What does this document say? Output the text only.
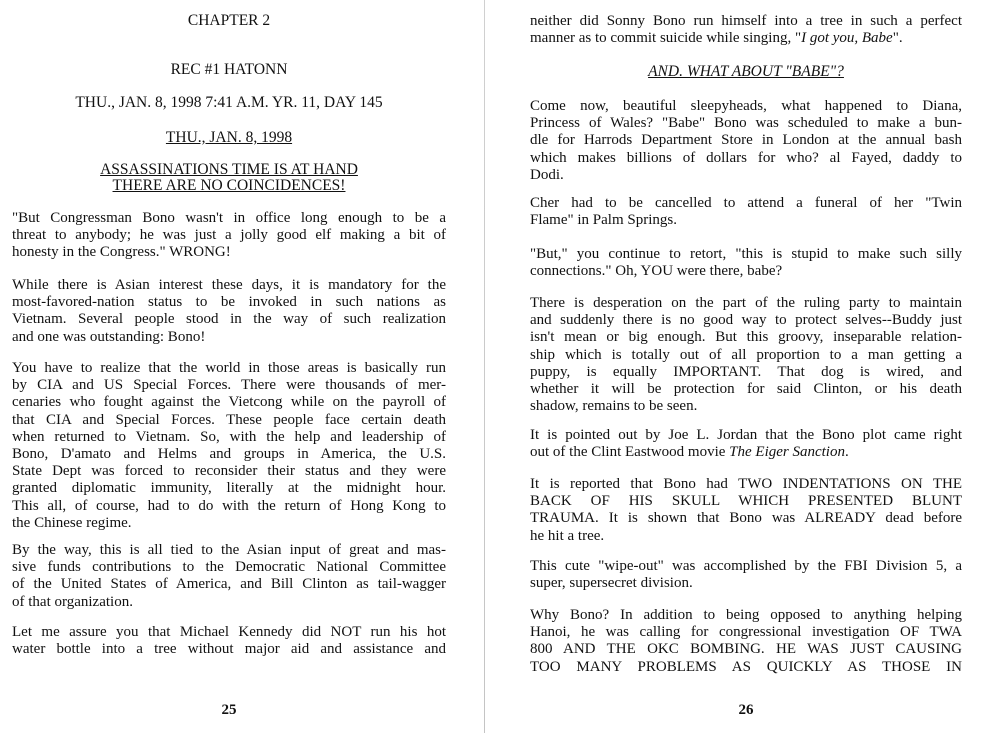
CHAPTER 2
REC #1 HATONN
THU., JAN. 8, 1998 7:41 A.M. YR. 11, DAY 145
THU., JAN. 8, 1998
ASSASSINATIONS TIME IS AT HAND
THERE ARE NO COINCIDENCES!

"But Congressman Bono wasn't in office long enough to be a
threat to anybody; he was just a jolly good elf making a bit of
honesty in the Congress." WRONG!

While there is Asian interest these days, it is mandatory for the
most-favored-nation status to be invoked in such nations as
Vietnam. Several people stood in the way of such realization
and one was outstanding: Bono!

You have to realize that the world in those areas is basically run
by CIA and US Special Forces. There were thousands of mer-
cenaries who fought against the Vietcong while on the payroll of
that CIA and Special Forces. These people face certain death
when returned to Vietnam. So, with the help and leadership of
Bono, D'amato and Helms and groups in America, the U.S.
State Dept was forced to reconsider their status and they were
granted diplomatic immunity, literally at the midnight hour.
This all, of course, had to do with the return of Hong Kong to
the Chinese regime.

By the way, this is all tied to the Asian input of great and mas-
sive funds contributions to the Democratic National Committee
of the United States of America, and Bill Clinton as tail-wagger
of that organization.

Let me assure you that Michael Kennedy did NOT run his hot
water bottle into a tree without major aid and assistance and

25

neither did Sonny Bono run himself into a tree in such a perfect
manner as to commit suicide while singing, "I got you, Babe".

AND. WHAT ABOUT "BABE"?

Come now, beautiful sleepyheads, what happened to Diana,
Princess of Wales? "Babe" Bono was scheduled to make a bun-
dle for Harrods Department Store in London at the annual bash
which makes billions of dollars for who? al Fayed, daddy to
Dodi.

Cher had to be cancelled to attend a funeral of her "Twin
Flame" in Palm Springs.

"But," you continue to retort, "this is stupid to make such silly
connections." Oh, YOU were there, babe?

There is desperation on the part of the ruling party to maintain
and suddenly there is no good way to protect selves--Buddy just
isn't mean or big enough. But this groovy, inseparable relation-
ship which is totally out of all proportion to a man getting a
puppy, is equally IMPORTANT. That dog is wired, and
whether it will be protection for said Clinton, or his death
shadow, remains to be seen.

It is pointed out by Joe L. Jordan that the Bono plot came right
out of the Clint Eastwood movie The Eiger Sanction.

It is reported that Bono had TWO INDENTATIONS ON THE
BACK OF HIS SKULL WHICH PRESENTED BLUNT
TRAUMA. It is shown that Bono was ALREADY dead before
he hit a tree.

This cute "wipe-out" was accomplished by the FBI Division 5, a
super, supersecret division.

Why Bono? In addition to being opposed to anything helping
Hanoi, he was calling for congressional investigation OF TWA
800 AND THE OKC BOMBING. HE WAS JUST CAUSING
TOO MANY PROBLEMS AS QUICKLY AS THOSE IN

26
